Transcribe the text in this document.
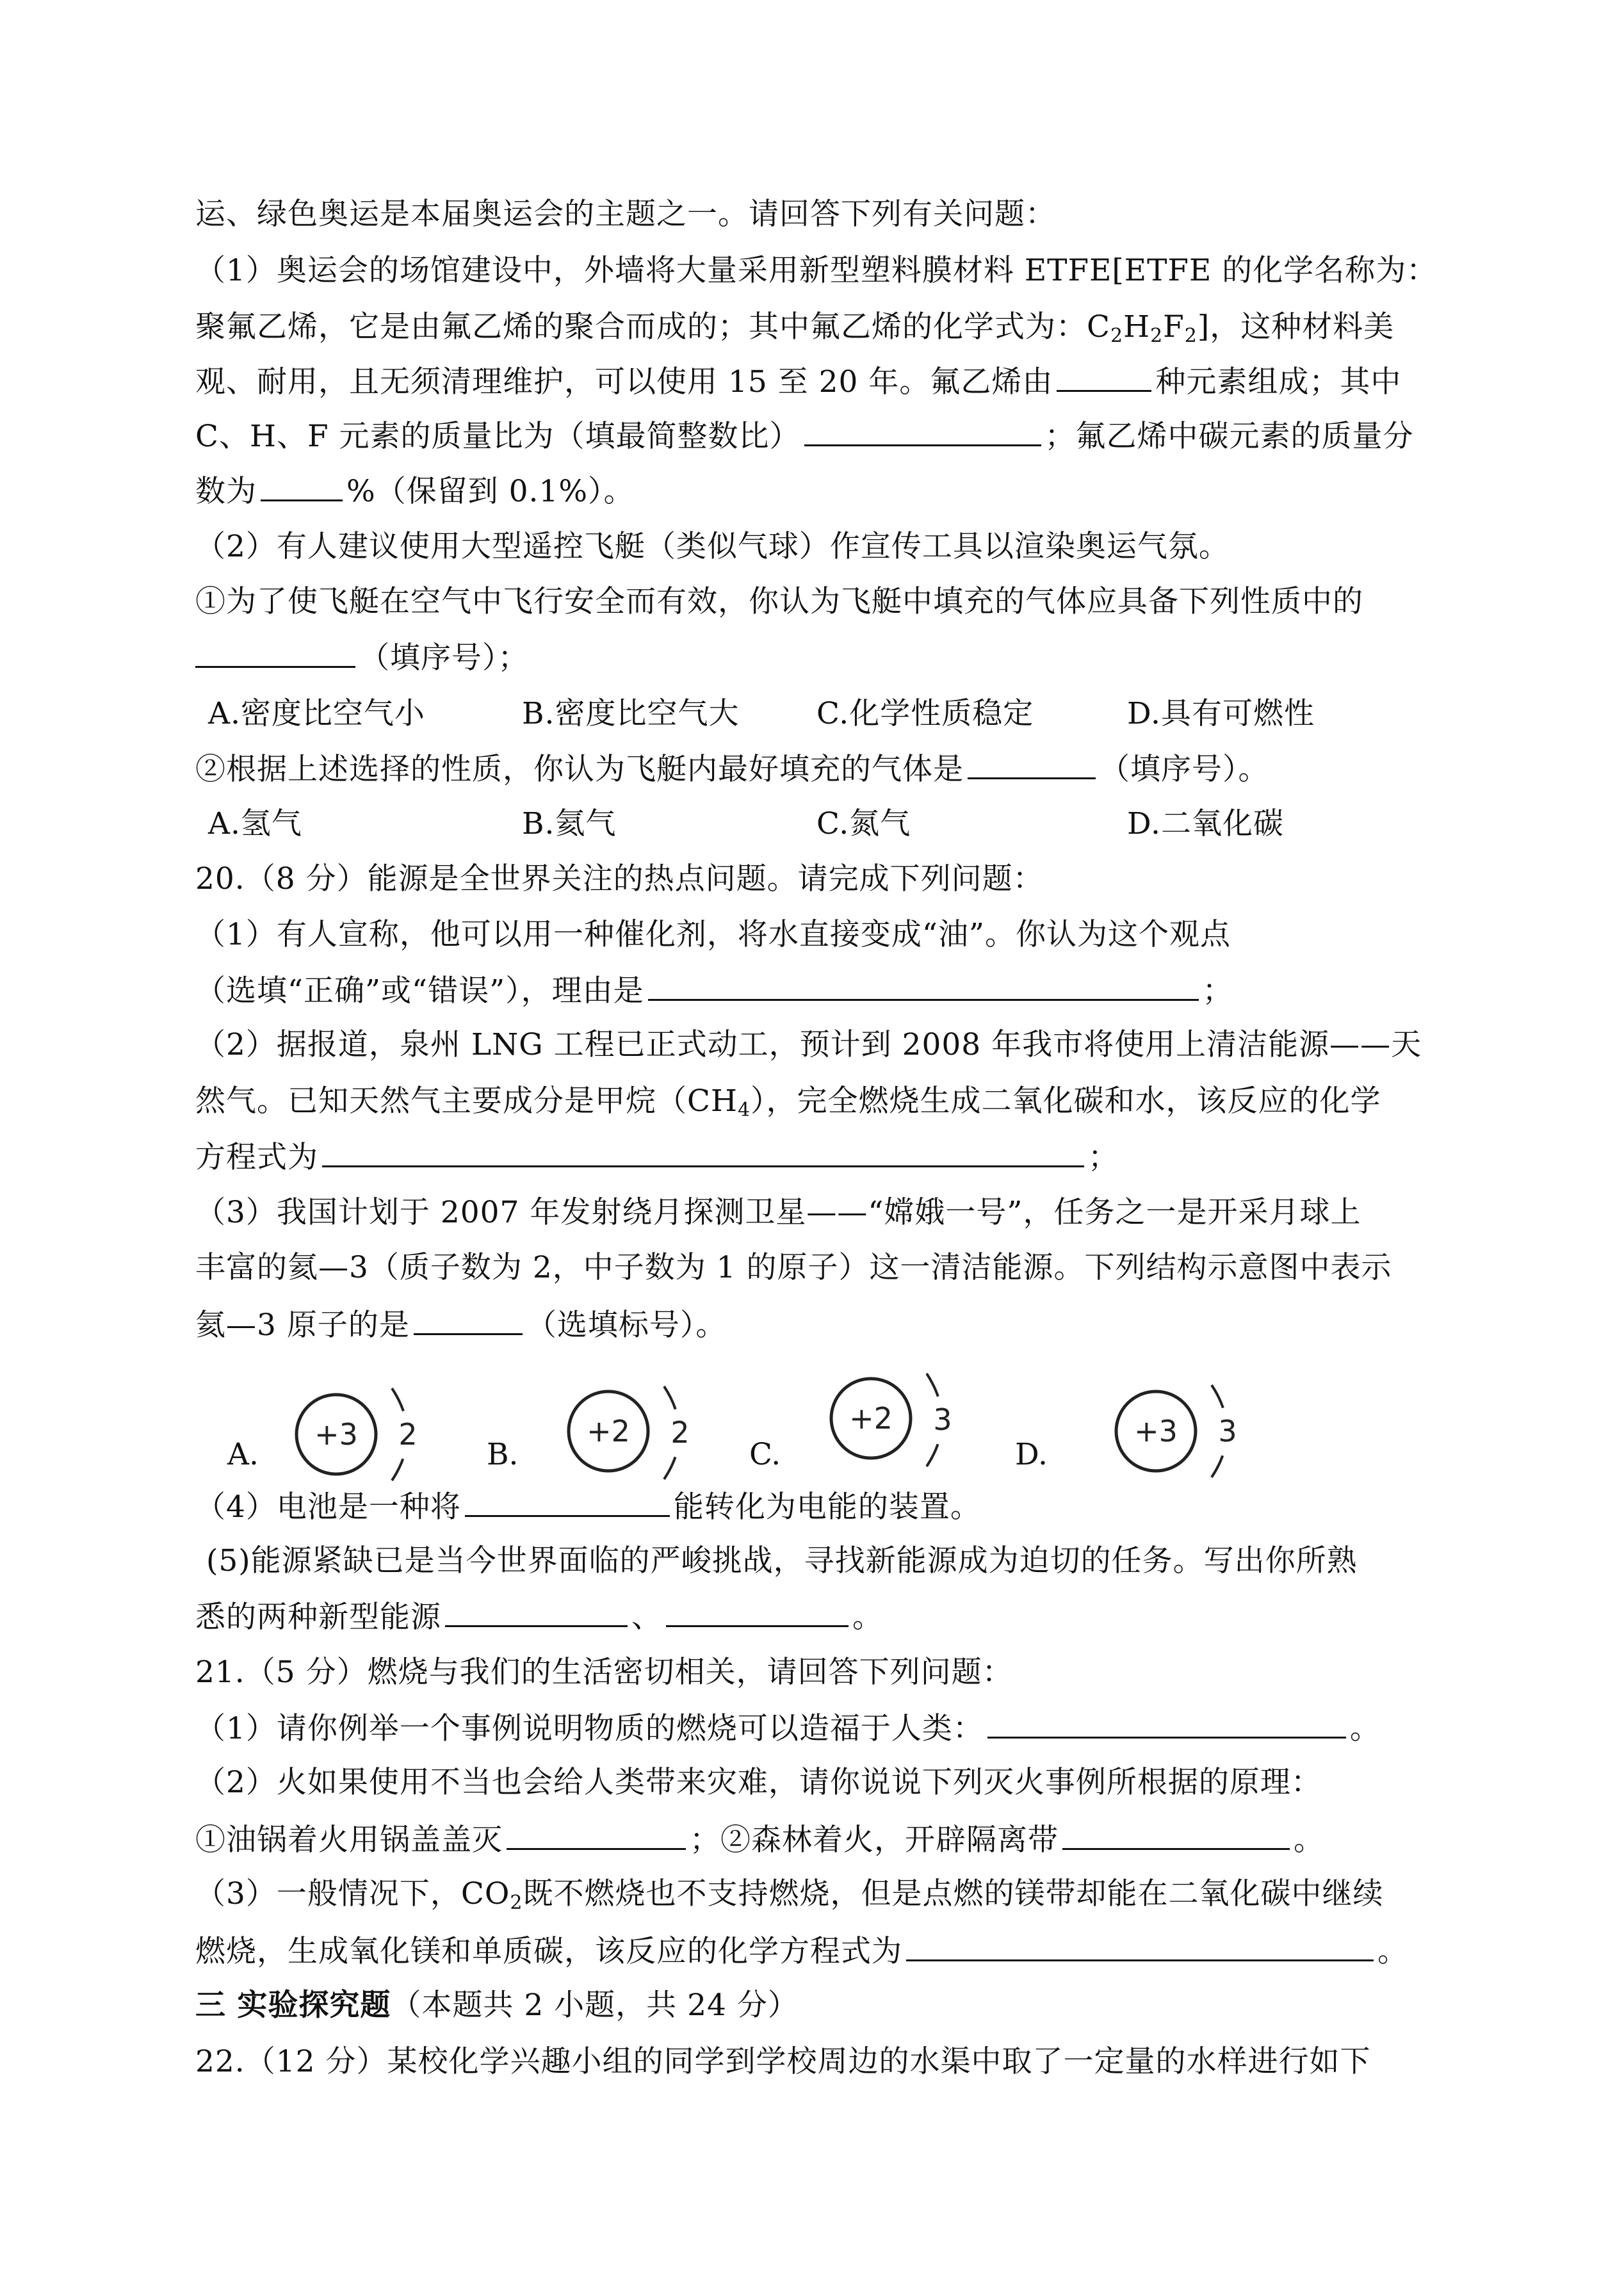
运、绿色奥运是本届奥运会的主题之一。请回答下列有关问题：
（1）奥运会的场馆建设中，外墙将大量采用新型塑料膜材料 ETFE[ETFE 的化学名称为：
聚氟乙烯，它是由氟乙烯的聚合而成的；其中氟乙烯的化学式为：$C_2H_2F_2$]，这种材料美
观、耐用，且无须清理维护，可以使用 15 至 20 年。氟乙烯由	种元素组成；其中
C、H、F 元素的质量比为（填最简整数比）	；氟乙烯中碳元素的质量分
数为	%（保留到 0.1%）。
（2）有人建议使用大型遥控飞艇（类似气球）作宣传工具以渲染奥运气氛。
①为了使飞艇在空气中飞行安全而有效，你认为飞艇中填充的气体应具备下列性质中的
（填序号）；
A.密度比空气小	B.密度比空气大	C.化学性质稳定	D.具有可燃性
②根据上述选择的性质，你认为飞艇内最好填充的气体是	（填序号）。
A.氢气	B.氦气	C.氮气	D.二氧化碳
20.（8 分）能源是全世界关注的热点问题。请完成下列问题：
（1）有人宣称，他可以用一种催化剂，将水直接变成“油”。你认为这个观点
（选填“正确”或“错误”），理由是	；
（2）据报道，泉州 LNG 工程已正式动工，预计到 2008 年我市将使用上清洁能源——天
然气。已知天然气主要成分是甲烷$(CH_4)$，完全燃烧生成二氧化碳和水，该反应的化学
方程式为	；
（3）我国计划于 2007 年发射绕月探测卫星——“嫦娥一号”，任务之一是开采月球上
丰富的氦—3（质子数为 2，中子数为 1 的原子）这一清洁能源。下列结构示意图中表示
氦—3 原子的是	（选填标号）。
A.
+3 2
B.
+2 2
C.
+2 3
D.
+3 3
（4）电池是一种将	能转化为电能的装置。
(5)能源紧缺已是当今世界面临的严峻挑战，寻找新能源成为迫切的任务。写出你所熟
悉的两种新型能源	、	。
21.（5 分）燃烧与我们的生活密切相关，请回答下列问题：
（1）请你例举一个事例说明物质的燃烧可以造福于人类：	。
（2）火如果使用不当也会给人类带来灾难，请你说说下列灭火事例所根据的原理：
①油锅着火用锅盖盖灭	；②森林着火，开辟隔离带	。
（3）一般情况下，$CO_2$既不燃烧也不支持燃烧，但是点燃的镁带却能在二氧化碳中继续
燃烧，生成氧化镁和单质碳，该反应的化学方程式为	。
三 实验探究题（本题共 2 小题，共 24 分）
22.（12 分）某校化学兴趣小组的同学到学校周边的水渠中取了一定量的水样进行如下
